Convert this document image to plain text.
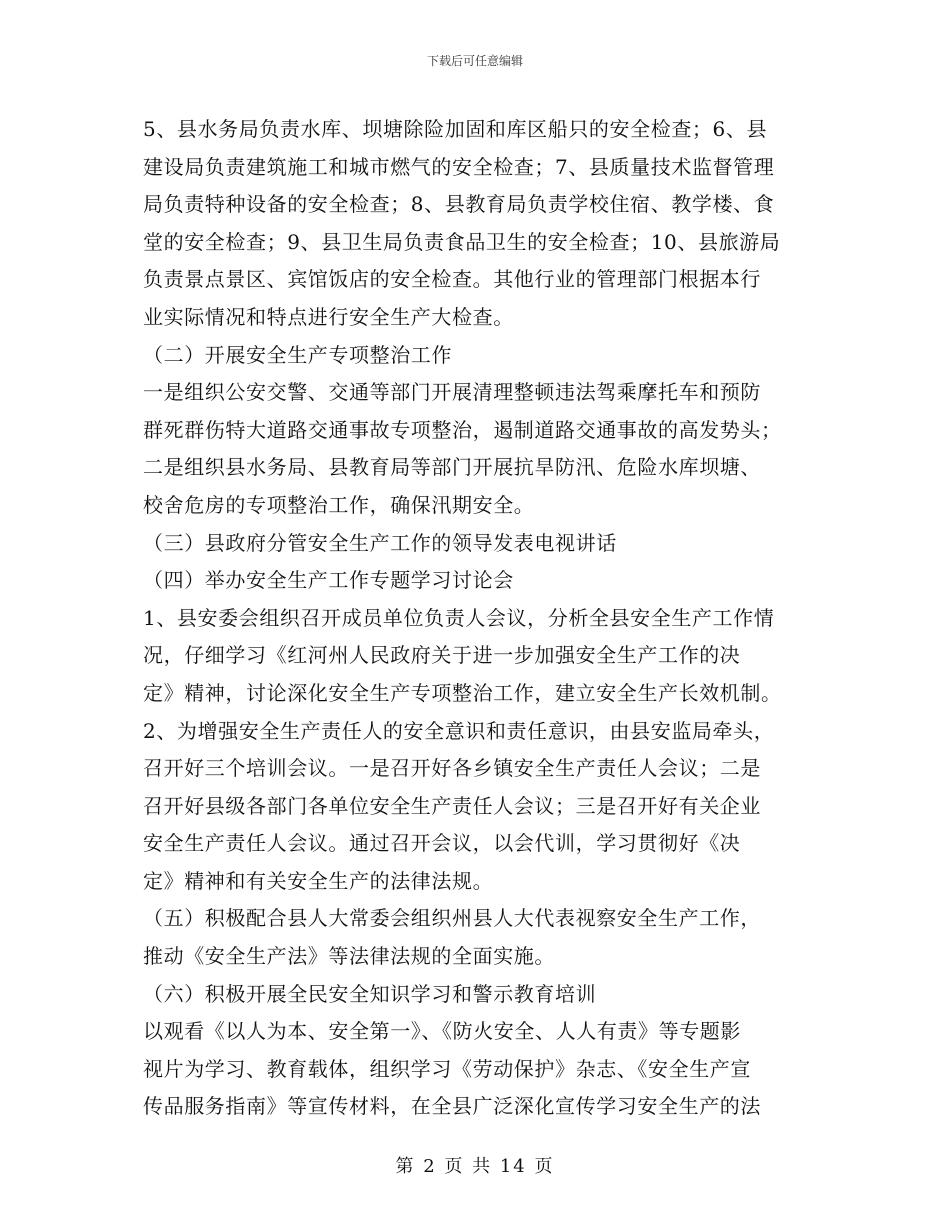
下载后可任意编辑
5、县水务局负责水库、坝塘除险加固和库区船只的安全检查；6、县
建设局负责建筑施工和城市燃气的安全检查；7、县质量技术监督管理
局负责特种设备的安全检查；8、县教育局负责学校住宿、教学楼、食
堂的安全检查；9、县卫生局负责食品卫生的安全检查；10、县旅游局
负责景点景区、宾馆饭店的安全检查。其他行业的管理部门根据本行
业实际情况和特点进行安全生产大检查。
（二）开展安全生产专项整治工作
一是组织公安交警、交通等部门开展清理整顿违法驾乘摩托车和预防
群死群伤特大道路交通事故专项整治，遏制道路交通事故的高发势头；
二是组织县水务局、县教育局等部门开展抗旱防汛、危险水库坝塘、
校舍危房的专项整治工作，确保汛期安全。
（三）县政府分管安全生产工作的领导发表电视讲话
（四）举办安全生产工作专题学习讨论会
1、县安委会组织召开成员单位负责人会议，分析全县安全生产工作情
况，仔细学习《红河州人民政府关于进一步加强安全生产工作的决
定》精神，讨论深化安全生产专项整治工作，建立安全生产长效机制。
2、为增强安全生产责任人的安全意识和责任意识，由县安监局牵头，
召开好三个培训会议。一是召开好各乡镇安全生产责任人会议；二是
召开好县级各部门各单位安全生产责任人会议；三是召开好有关企业
安全生产责任人会议。通过召开会议，以会代训，学习贯彻好《决
定》精神和有关安全生产的法律法规。
（五）积极配合县人大常委会组织州县人大代表视察安全生产工作，
推动《安全生产法》等法律法规的全面实施。
（六）积极开展全民安全知识学习和警示教育培训
以观看《以人为本、安全第一》、《防火安全、人人有责》等专题影
视片为学习、教育载体，组织学习《劳动保护》杂志、《安全生产宣
传品服务指南》等宣传材料，在全县广泛深化宣传学习安全生产的法
第 2 页 共 14 页
